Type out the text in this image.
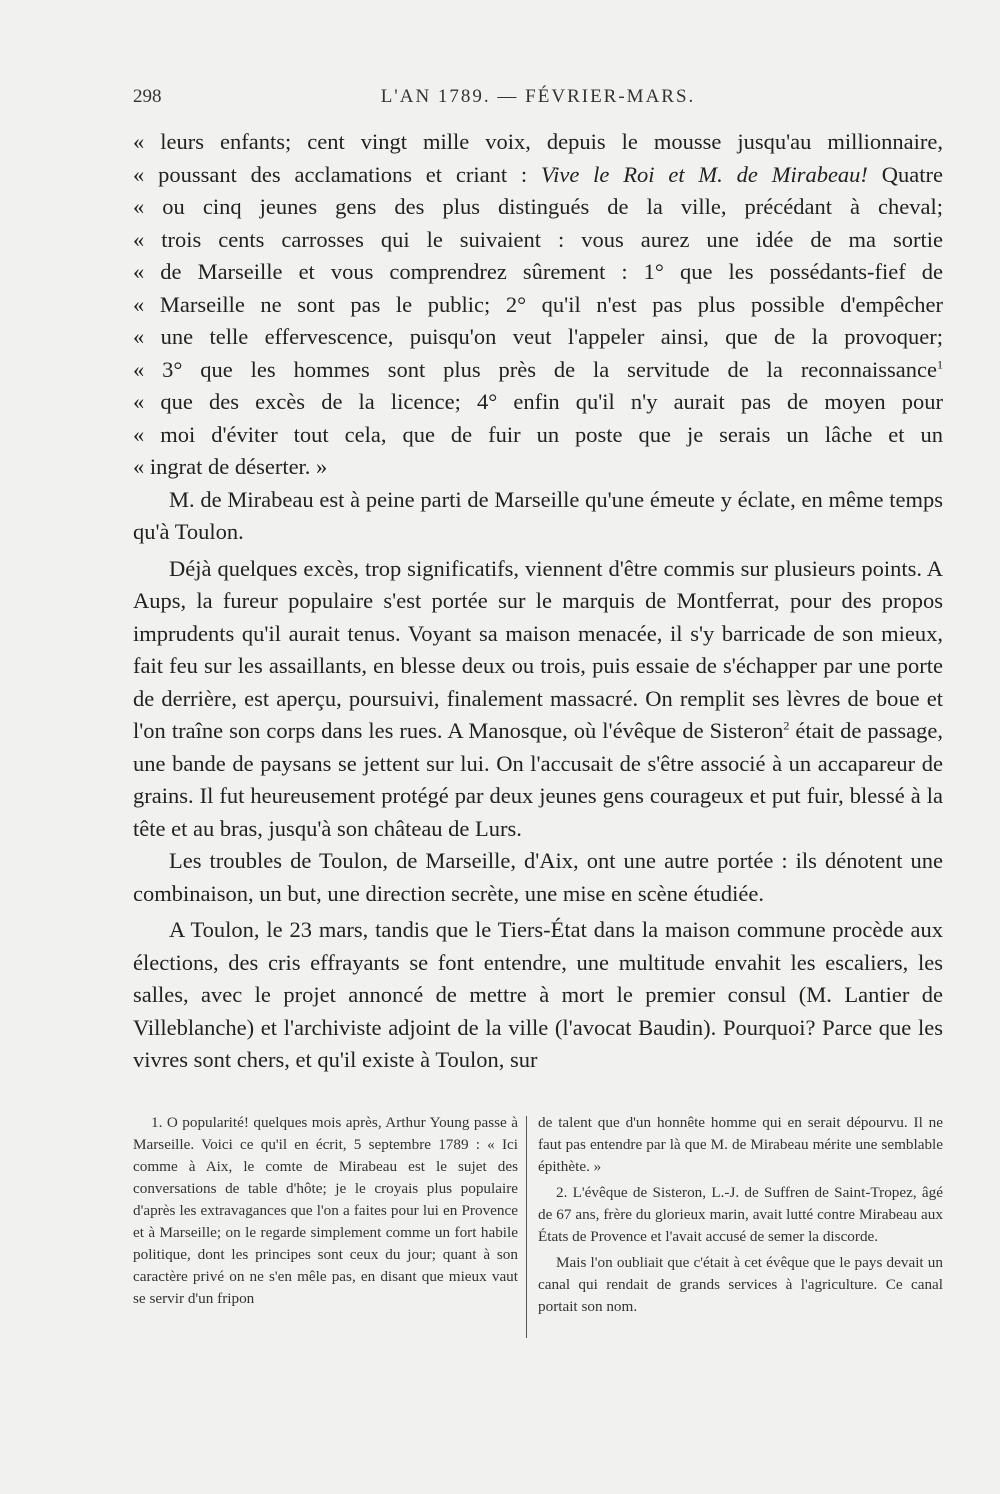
298	L'AN 1789. — FÉVRIER-MARS.
« leurs enfants; cent vingt mille voix, depuis le mousse jusqu'au millionnaire,
« poussant des acclamations et criant : Vive le Roi et M. de Mirabeau! Quatre
« ou cinq jeunes gens des plus distingués de la ville, précédant à cheval;
« trois cents carrosses qui le suivaient : vous aurez une idée de ma sortie
« de Marseille et vous comprendrez sûrement : 1° que les possédants-fief de
« Marseille ne sont pas le public; 2° qu'il n'est pas plus possible d'empêcher
« une telle effervescence, puisqu'on veut l'appeler ainsi, que de la provoquer;
« 3° que les hommes sont plus près de la servitude de la reconnaissance$^1$
« que des excès de la licence; 4° enfin qu'il n'y aurait pas de moyen pour
« moi d'éviter tout cela, que de fuir un poste que je serais un lâche et un
« ingrat de déserter. »

M. de Mirabeau est à peine parti de Marseille qu'une émeute y éclate, en même temps qu'à Toulon.

Déjà quelques excès, trop significatifs, viennent d'être commis sur plusieurs points. A Aups, la fureur populaire s'est portée sur le marquis de Montferrat, pour des propos imprudents qu'il aurait tenus. Voyant sa maison menacée, il s'y barricade de son mieux, fait feu sur les assaillants, en blesse deux ou trois, puis essaie de s'échapper par une porte de derrière, est aperçu, poursuivi, finalement massacré. On remplit ses lèvres de boue et l'on traîne son corps dans les rues. A Manosque, où l'évêque de Sisteron$^2$ était de passage, une bande de paysans se jettent sur lui. On l'accusait de s'être associé à un accapareur de grains. Il fut heureusement protégé par deux jeunes gens courageux et put fuir, blessé à la tête et au bras, jusqu'à son château de Lurs.

Les troubles de Toulon, de Marseille, d'Aix, ont une autre portée : ils dénotent une combinaison, un but, une direction secrète, une mise en scène étudiée.

A Toulon, le 23 mars, tandis que le Tiers-État dans la maison commune procède aux élections, des cris effrayants se font entendre, une multitude envahit les escaliers, les salles, avec le projet annoncé de mettre à mort le premier consul (M. Lantier de Villeblanche) et l'archiviste adjoint de la ville (l'avocat Baudin). Pourquoi? Parce que les vivres sont chers, et qu'il existe à Toulon, sur

1. O popularité! quelques mois après, Arthur Young passe à Marseille. Voici ce qu'il en écrit, 5 septembre 1789 : « Ici comme à Aix, le comte de Mirabeau est le sujet des conversations de table d'hôte; je le croyais plus populaire d'après les extravagances que l'on a faites pour lui en Provence et à Marseille; on le regarde simplement comme un fort habile politique, dont les principes sont ceux du jour; quant à son caractère privé on ne s'en mêle pas, en disant que mieux vaut se servir d'un fripon

de talent que d'un honnête homme qui en serait dépourvu. Il ne faut pas entendre par là que M. de Mirabeau mérite une semblable épithète. »

2. L'évêque de Sisteron, L.-J. de Suffren de Saint-Tropez, âgé de 67 ans, frère du glorieux marin, avait lutté contre Mirabeau aux États de Provence et l'avait accusé de semer la discorde.

Mais l'on oubliait que c'était à cet évêque que le pays devait un canal qui rendait de grands services à l'agriculture. Ce canal portait son nom.
